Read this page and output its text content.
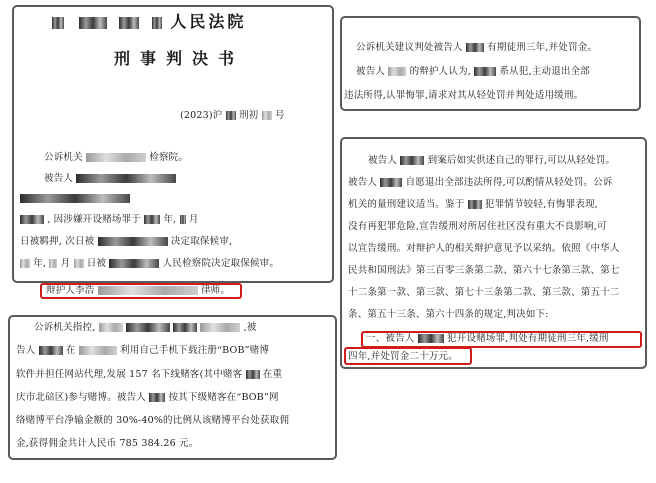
人民法院
刑事判决书
(2023)沪 刑初 号
公诉机关	检察院。
被告人
, 因涉嫌开设赌场罪于 年, 月
日被羁押, 次日被	决定取保候审,
年, 月 日被	人民检察院决定取保候审。
辩护人李浩	律师。
公诉机关建议判处被告人	有期徒刑三年,并处罚金。
被告人	的辩护人认为,	系从犯,主动退出全部
违法所得,认罪悔罪,请求对其从轻处罚并判处适用缓刑。
被告人	到案后如实供述自己的罪行,可以从轻处罚。
被告人	自愿退出全部违法所得,可以酌情从轻处罚。公诉
机关的量刑建议适当。鉴于 犯罪情节较轻,有悔罪表现,
没有再犯罪危险,宣告缓刑对所居住社区没有重大不良影响,可
以宣告缓刑。对辩护人的相关辩护意见予以采纳。依照《中华人
民共和国刑法》第三百零三条第二款、第六十七条第三款、第七
十二条第一款、第三款、第七十三条第二款、第三款、第五十二
条、第五十三条、第六十四条的规定,判决如下:
一、被告人	犯开设赌场罪,判处有期徒刑三年,缓刑
四年,并处罚金二十万元。
公诉机关指控,	,被
告人	在	利用自己手机下载注册“BOB”赌博
软件并担任网站代理,发展 157 名下线赌客(其中赌客 在重
庆市北碚区)参与赌博。被告人 按其下级赌客在“BOB”网
络赌博平台净输金额的 30%-40%的比例从该赌博平台处获取佣
金,获得佣金共计人民币 785 384.26 元。
